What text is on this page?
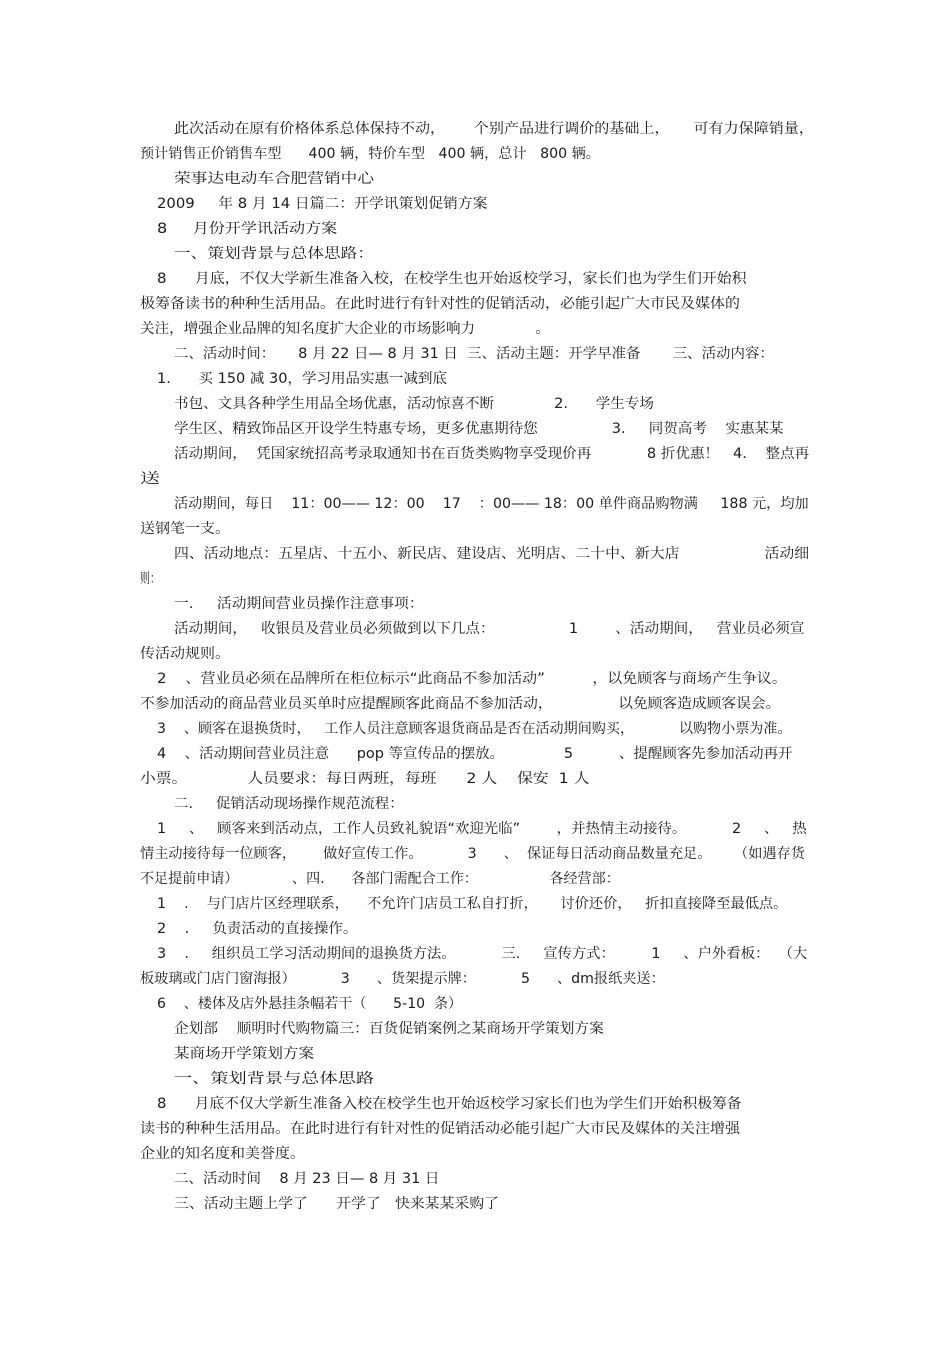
此次活动在原有价格体系总体保持不动，      个别产品进行调价的基础上，     可有力保障销量，
预计销售正价销售车型      400 辆，特价车型   400 辆，总计   800 辆。
荣事达电动车合肥营销中心
2009     年 8 月 14 日篇二：开学讯策划促销方案
8     月份开学讯活动方案
一、策划背景与总体思路：
8      月底，不仅大学新生准备入校，在校学生也开始返校学习，家长们也为学生们开始积
极筹备读书的种种生活用品。在此时进行有针对性的促销活动，必能引起广大市民及媒体的
关注，增强企业品牌的知名度扩大企业的市场影响力             。
二、活动时间：     8 月 22 日— 8 月 31 日  三、活动主题：开学早准备       三、活动内容：
1.      买 150 减 30，学习用品实惠一减到底
书包、文具各种学生用品全场优惠，活动惊喜不断             2.      学生专场
学生区、精致饰品区开设学生特惠专场，更多优惠期待您                3.     同贺高考    实惠某某
活动期间，  凭国家统招高考录取通知书在百货类购物享受现价再            8 折优惠！   4.    整点再
送
活动期间，每日    11：00—— 12：00    17    ：00—— 18：00 单件商品购物满     188 元，均加
送钢笔一支。
四、活动地点：五星店、十五小、新民店、建设店、光明店、二十中、新大店                  活动细
则：
一.     活动期间营业员操作注意事项：
活动期间，   收银员及营业员必须做到以下几点：                1        、活动期间，   营业员必须宣
传活动规则。
2    、营业员必须在品牌所在柜位标示“此商品不参加活动”          ，以免顾客与商场产生争议。
不参加活动的商品营业员买单时应提醒顾客此商品不参加活动，              以免顾客造成顾客误会。
3    、顾客在退换货时，   工作人员注意顾客退货商品是否在活动期间购买，          以购物小票为准。
4    、活动期间营业员注意      pop 等宣传品的摆放。             5          、提醒顾客先参加活动再开
小票。            人员要求：每日两班，每班      2 人    保安  1 人
二.     促销活动现场操作规范流程：
1     、   顾客来到活动点，工作人员致礼貌语“欢迎光临”        ，并热情主动接待。          2     、   热
情主动接待每一位顾客，      做好宣传工作。          3      、  保证每日活动商品数量充足。     （如遇存货
不足提前申请）            、四.      各部门需配合工作：                各经营部：
1    .    与门店片区经理联系，    不允许门店员工私自打折，     讨价还价，   折扣直接降至最低点。
2    .     负责活动的直接操作。
3    .     组织员工学习活动期间的退换货方法。          三.     宣传方式：        1     、户外看板：  （大
板玻璃或门店门窗海报）          3      、货架提示牌：          5      、dm报纸夹送：
6    、楼体及店外悬挂条幅若干（      5-10  条）
企划部    顺明时代购物篇三：百货促销案例之某商场开学策划方案
某商场开学策划方案
一、策划背景与总体思路
8      月底不仅大学新生准备入校在校学生也开始返校学习家长们也为学生们开始积极筹备
读书的种种生活用品。在此时进行有针对性的促销活动必能引起广大市民及媒体的关注增强
企业的知名度和美誉度。
二、活动时间    8 月 23 日— 8 月 31 日
三、活动主题上学了      开学了   快来某某采购了
